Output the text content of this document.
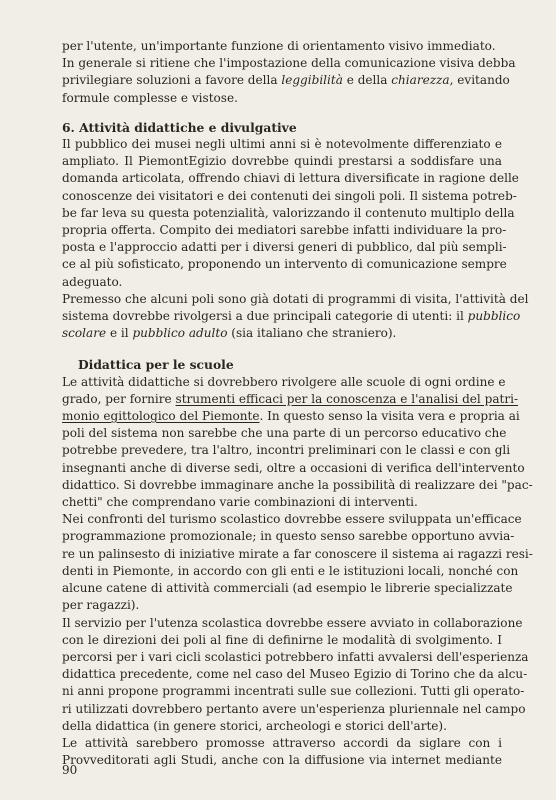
per l'utente, un'importante funzione di orientamento visivo immediato.
In generale si ritiene che l'impostazione della comunicazione visiva debba
privilegiare soluzioni a favore della leggibilità e della chiarezza, evitando
formule complesse e vistose.
6. Attività didattiche e divulgative
Il pubblico dei musei negli ultimi anni si è notevolmente differenziato e
ampliato. Il PiemontEgizio dovrebbe quindi prestarsi a soddisfare una
domanda articolata, offrendo chiavi di lettura diversificate in ragione delle
conoscenze dei visitatori e dei contenuti dei singoli poli. Il sistema potreb-
be far leva su questa potenzialità, valorizzando il contenuto multiplo della
propria offerta. Compito dei mediatori sarebbe infatti individuare la pro-
posta e l'approccio adatti per i diversi generi di pubblico, dal più sempli-
ce al più sofisticato, proponendo un intervento di comunicazione sempre
adeguato.
Premesso che alcuni poli sono già dotati di programmi di visita, l'attività del
sistema dovrebbe rivolgersi a due principali categorie di utenti: il pubblico
scolare e il pubblico adulto (sia italiano che straniero).
Didattica per le scuole
Le attività didattiche si dovrebbero rivolgere alle scuole di ogni ordine e
grado, per fornire strumenti efficaci per la conoscenza e l'analisi del patri-
monio egittologico del Piemonte. In questo senso la visita vera e propria ai
poli del sistema non sarebbe che una parte di un percorso educativo che
potrebbe prevedere, tra l'altro, incontri preliminari con le classi e con gli
insegnanti anche di diverse sedi, oltre a occasioni di verifica dell'intervento
didattico. Si dovrebbe immaginare anche la possibilità di realizzare dei "pac-
chetti" che comprendano varie combinazioni di interventi.
Nei confronti del turismo scolastico dovrebbe essere sviluppata un'efficace
programmazione promozionale; in questo senso sarebbe opportuno avvia-
re un palinsesto di iniziative mirate a far conoscere il sistema ai ragazzi resi-
denti in Piemonte, in accordo con gli enti e le istituzioni locali, nonché con
alcune catene di attività commerciali (ad esempio le librerie specializzate
per ragazzi).
Il servizio per l'utenza scolastica dovrebbe essere avviato in collaborazione
con le direzioni dei poli al fine di definirne le modalità di svolgimento. I
percorsi per i vari cicli scolastici potrebbero infatti avvalersi dell'esperienza
didattica precedente, come nel caso del Museo Egizio di Torino che da alcu-
ni anni propone programmi incentrati sulle sue collezioni. Tutti gli operato-
ri utilizzati dovrebbero pertanto avere un'esperienza pluriennale nel campo
della didattica (in genere storici, archeologi e storici dell'arte).
Le attività sarebbero promosse attraverso accordi da siglare con i
Provveditorati agli Studi, anche con la diffusione via internet mediante
90
